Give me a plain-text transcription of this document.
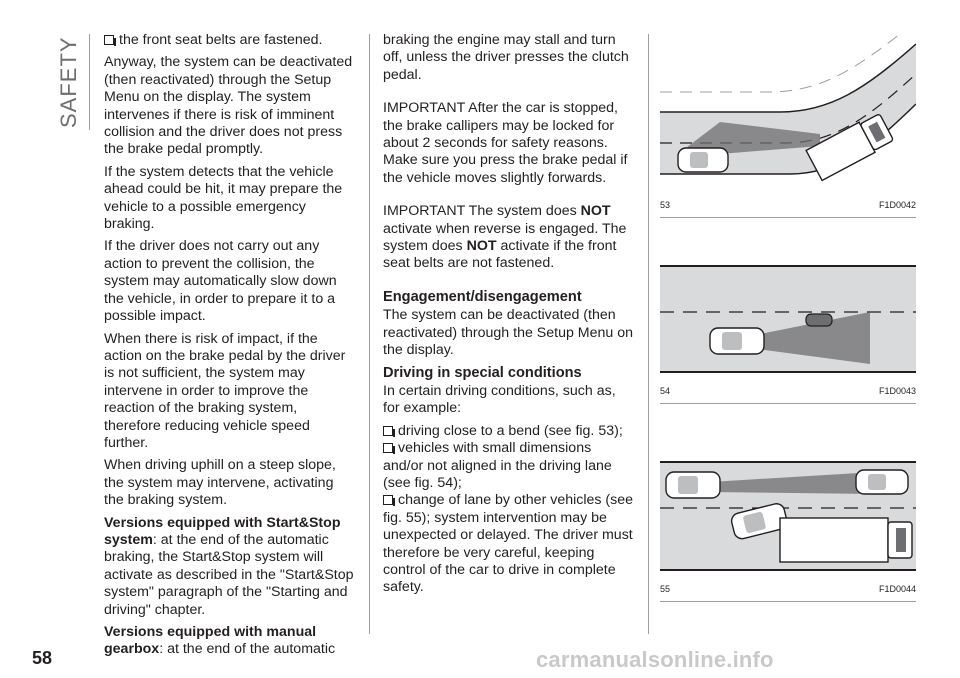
SAFETY	the front seat belts are fastened.
Anyway, the system can be deactivated (then reactivated) through the Setup Menu on the display. The system intervenes if there is risk of imminent collision and the driver does not press the brake pedal promptly.
If the system detects that the vehicle ahead could be hit, it may prepare the vehicle to a possible emergency braking.
If the driver does not carry out any action to prevent the collision, the system may automatically slow down the vehicle, in order to prepare it to a possible impact.
When there is risk of impact, if the action on the brake pedal by the driver is not sufficient, the system may intervene in order to improve the reaction of the braking system, therefore reducing vehicle speed further.
When driving uphill on a steep slope, the system may intervene, activating the braking system.
Versions equipped with Start&Stop system: at the end of the automatic braking, the Start&Stop system will activate as described in the "Start&Stop system" paragraph of the "Starting and driving" chapter.
Versions equipped with manual gearbox: at the end of the automatic
braking the engine may stall and turn off, unless the driver presses the clutch pedal.
IMPORTANT After the car is stopped, the brake callipers may be locked for about 2 seconds for safety reasons. Make sure you press the brake pedal if the vehicle moves slightly forwards.
IMPORTANT The system does NOT activate when reverse is engaged. The system does NOT activate if the front seat belts are not fastened.
Engagement/disengagement
The system can be deactivated (then reactivated) through the Setup Menu on the display.
Driving in special conditions
In certain driving conditions, such as, for example:
driving close to a bend (see fig. 53);
vehicles with small dimensions and/or not aligned in the driving lane (see fig. 54);
change of lane by other vehicles (see fig. 55); system intervention may be unexpected or delayed. The driver must therefore be very careful, keeping control of the car to drive in complete safety.
53	F1D0042
54	F1D0043
55	F1D0044
58	carmanualsonline.info
